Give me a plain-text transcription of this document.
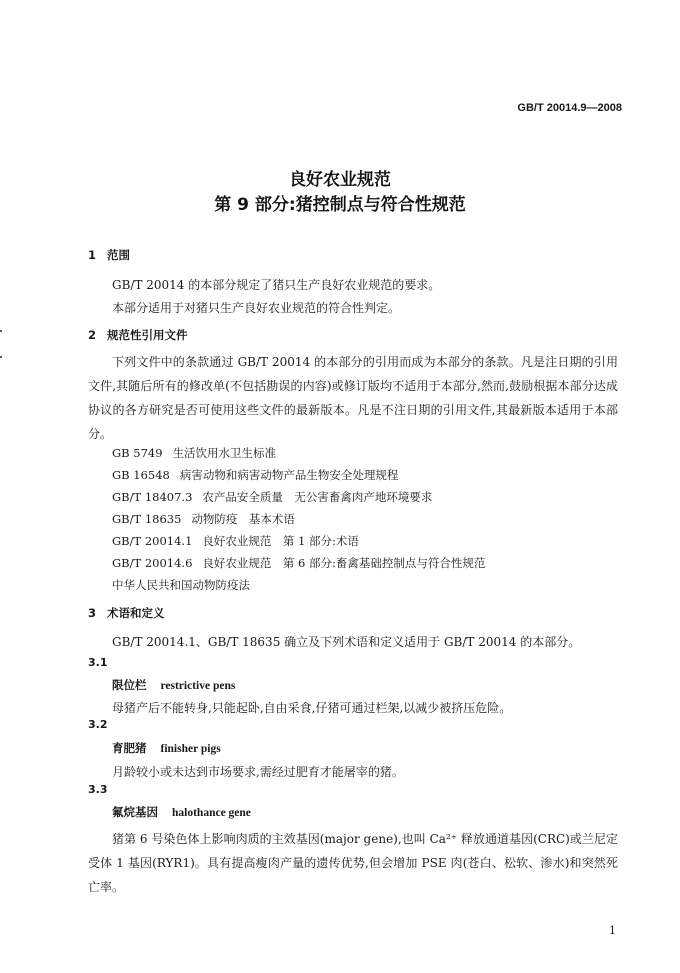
GB/T 20014.9—2008
良好农业规范
第 9 部分:猪控制点与符合性规范
1 范围
GB/T 20014 的本部分规定了猪只生产良好农业规范的要求。
本部分适用于对猪只生产良好农业规范的符合性判定。
2 规范性引用文件
下列文件中的条款通过 GB/T 20014 的本部分的引用而成为本部分的条款。凡是注日期的引用文件,其随后所有的修改单(不包括勘误的内容)或修订版均不适用于本部分,然而,鼓励根据本部分达成协议的各方研究是否可使用这些文件的最新版本。凡是不注日期的引用文件,其最新版本适用于本部分。
GB 5749 生活饮用水卫生标准
GB 16548 病害动物和病害动物产品生物安全处理规程
GB/T 18407.3 农产品安全质量　无公害畜禽肉产地环境要求
GB/T 18635 动物防疫　基本术语
GB/T 20014.1 良好农业规范　第 1 部分:术语
GB/T 20014.6 良好农业规范　第 6 部分:畜禽基础控制点与符合性规范
中华人民共和国动物防疫法
3 术语和定义
GB/T 20014.1、GB/T 18635 确立及下列术语和定义适用于 GB/T 20014 的本部分。
3.1
限位栏 restrictive pens
母猪产后不能转身,只能起卧,自由采食,仔猪可通过栏架,以减少被挤压危险。
3.2
育肥猪 finisher pigs
月龄较小或未达到市场要求,需经过肥育才能屠宰的猪。
3.3
氟烷基因 halothance gene
猪第 6 号染色体上影响肉质的主效基因(major gene),也叫 Ca²⁺ 释放通道基因(CRC)或兰尼定受体 1 基因(RYR1)。具有提高瘦肉产量的遗传优势,但会增加 PSE 肉(苍白、松软、渗水)和突然死亡率。
1
